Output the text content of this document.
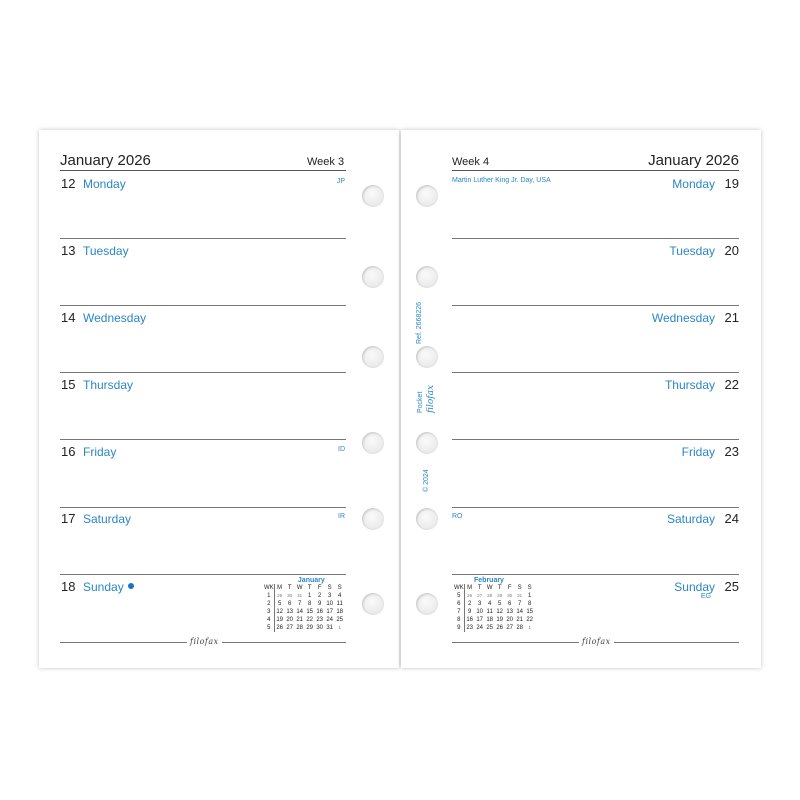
January 2026	Week 3
12 Monday	JP
13 Tuesday
14 Wednesday
15 Thursday
16 Friday	ID
17 Saturday	IR
18 Sunday	January
WK	M	T	W	T	F	S	S
1	29	30	31	1	2	3	4
2	5	6	7	8	9	10	11
3	12	13	14	15	16	17	18
4	19	20	21	22	23	24	25
5	26	27	28	29	30	31	1
filofax
Week 4	January 2026
Martin Luther King Jr. Day, USA	19
Monday
20
Tuesday
21
Wednesday
22
Thursday
23
Friday
24
Saturday
RO
25
Sunday
EG
February
WK	M	T	W	T	F	S	S
5	26	27	28	29	30	31	1
6	2	3	4	5	6	7	8
7	9	10	11	12	13	14	15
8	16	17	18	19	20	21	22
9	23	24	25	26	27	28	1
filofax
Ref. 2668226
Pocket filofax
© 2024
